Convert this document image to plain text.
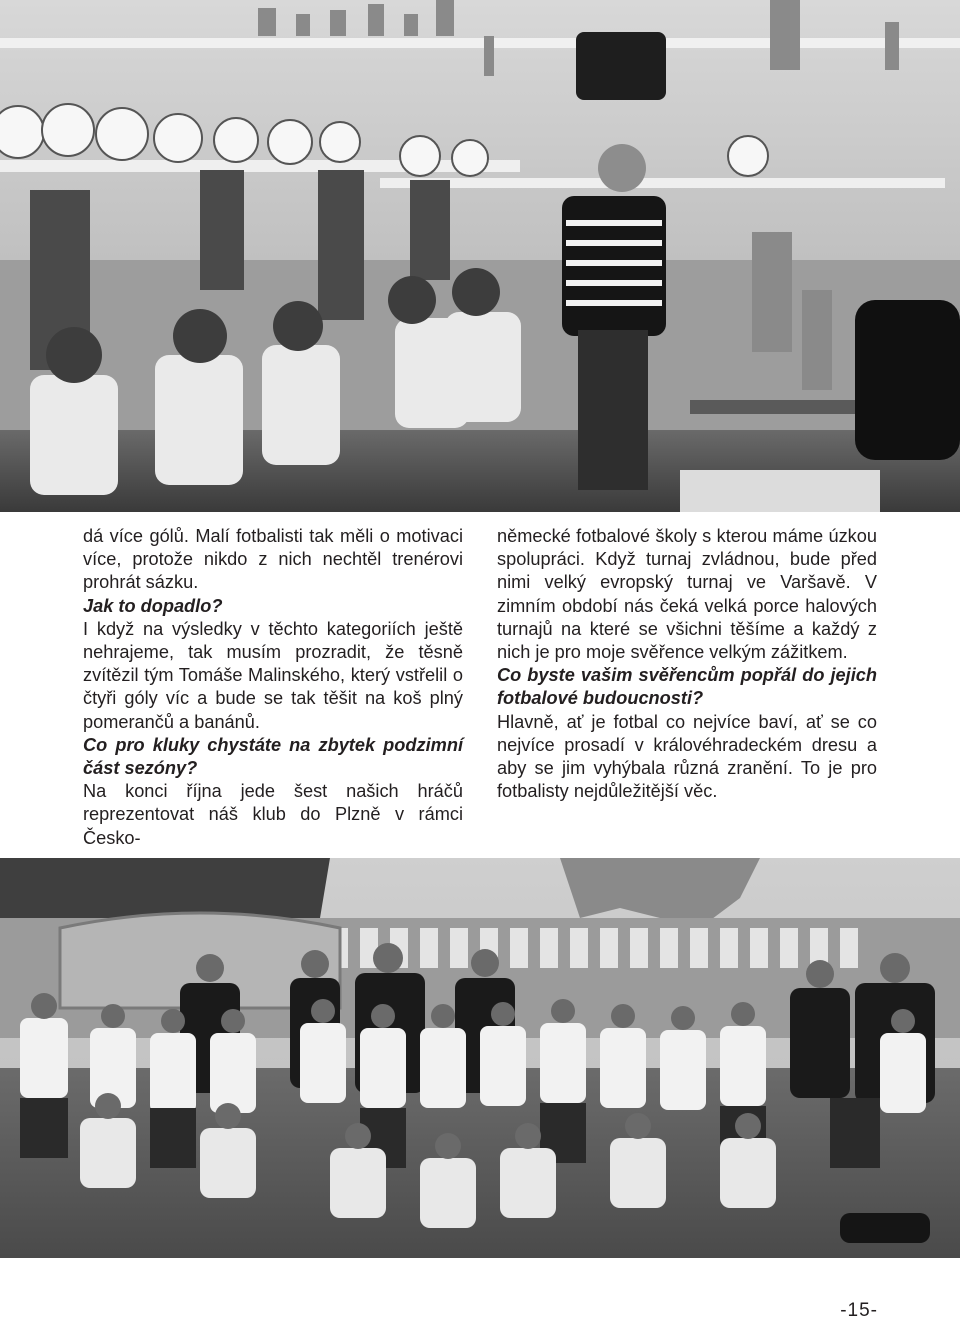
dá více gólů. Malí fotbalisti tak měli o motivaci více, protože nikdo z nich nechtěl trenérovi prohrát sázku.

Jak to dopadlo?

I když na výsledky v těchto kategoriích ještě nehrajeme, tak musím prozradit, že těsně zvítězil tým Tomáše Malinského, který vstřelil o čtyři góly víc a bude se tak těšit na koš plný pomerančů a banánů.

Co pro kluky chystáte na zbytek podzimní část sezóny?

Na konci října jede šest našich hráčů reprezentovat náš klub do Plzně v rámci Česko-

německé fotbalové školy s kterou máme úzkou spolupráci. Když turnaj zvládnou, bude před nimi velký evropský turnaj ve Varšavě. V zimním období nás čeká velká porce halových turnajů na které se všichni těšíme a každý z nich je pro moje svěřence velkým zážitkem.

Co byste vašim svěřencům popřál do jejich fotbalové budoucnosti?

Hlavně, ať je fotbal co nejvíce baví, ať se co nejvíce prosadí v královéhradeckém dresu a aby se jim vyhýbala různá zranění. To je pro fotbalisty nejdůležitější věc.

-15-
